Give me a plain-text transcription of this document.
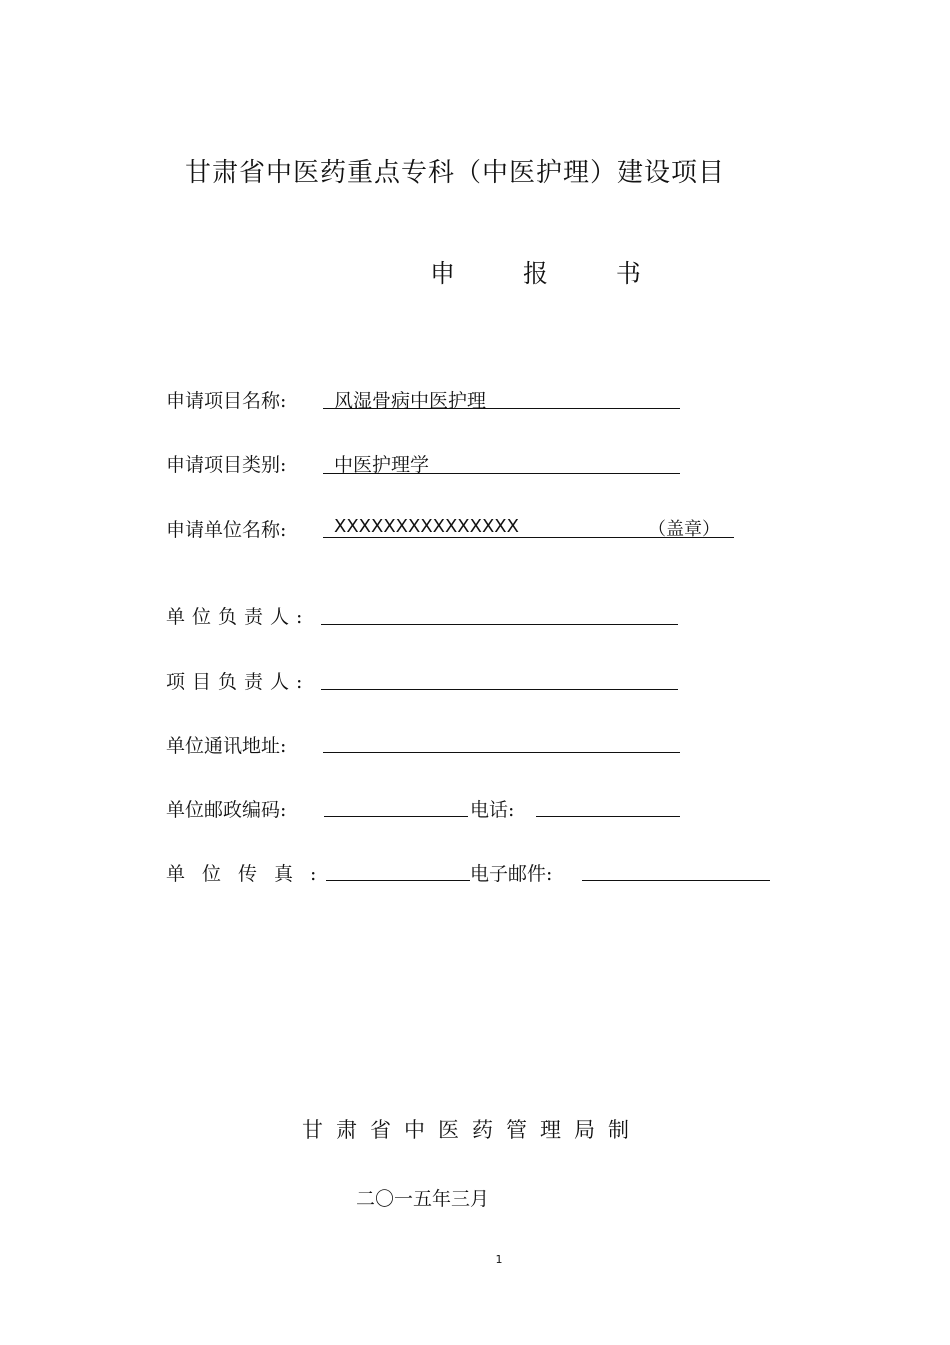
甘肃省中医药重点专科（中医护理）建设项目
申 报 书
申请项目名称:	风湿骨病中医护理
申请项目类别:	中医护理学
申请单位名称:	XXXXXXXXXXXXXXX	（盖章）
单位负责人:
项目负责人:
单位通讯地址:
单位邮政编码:	电话:
单位传真:	电子邮件:
甘肃省中医药管理局制
二〇一五年三月
1
